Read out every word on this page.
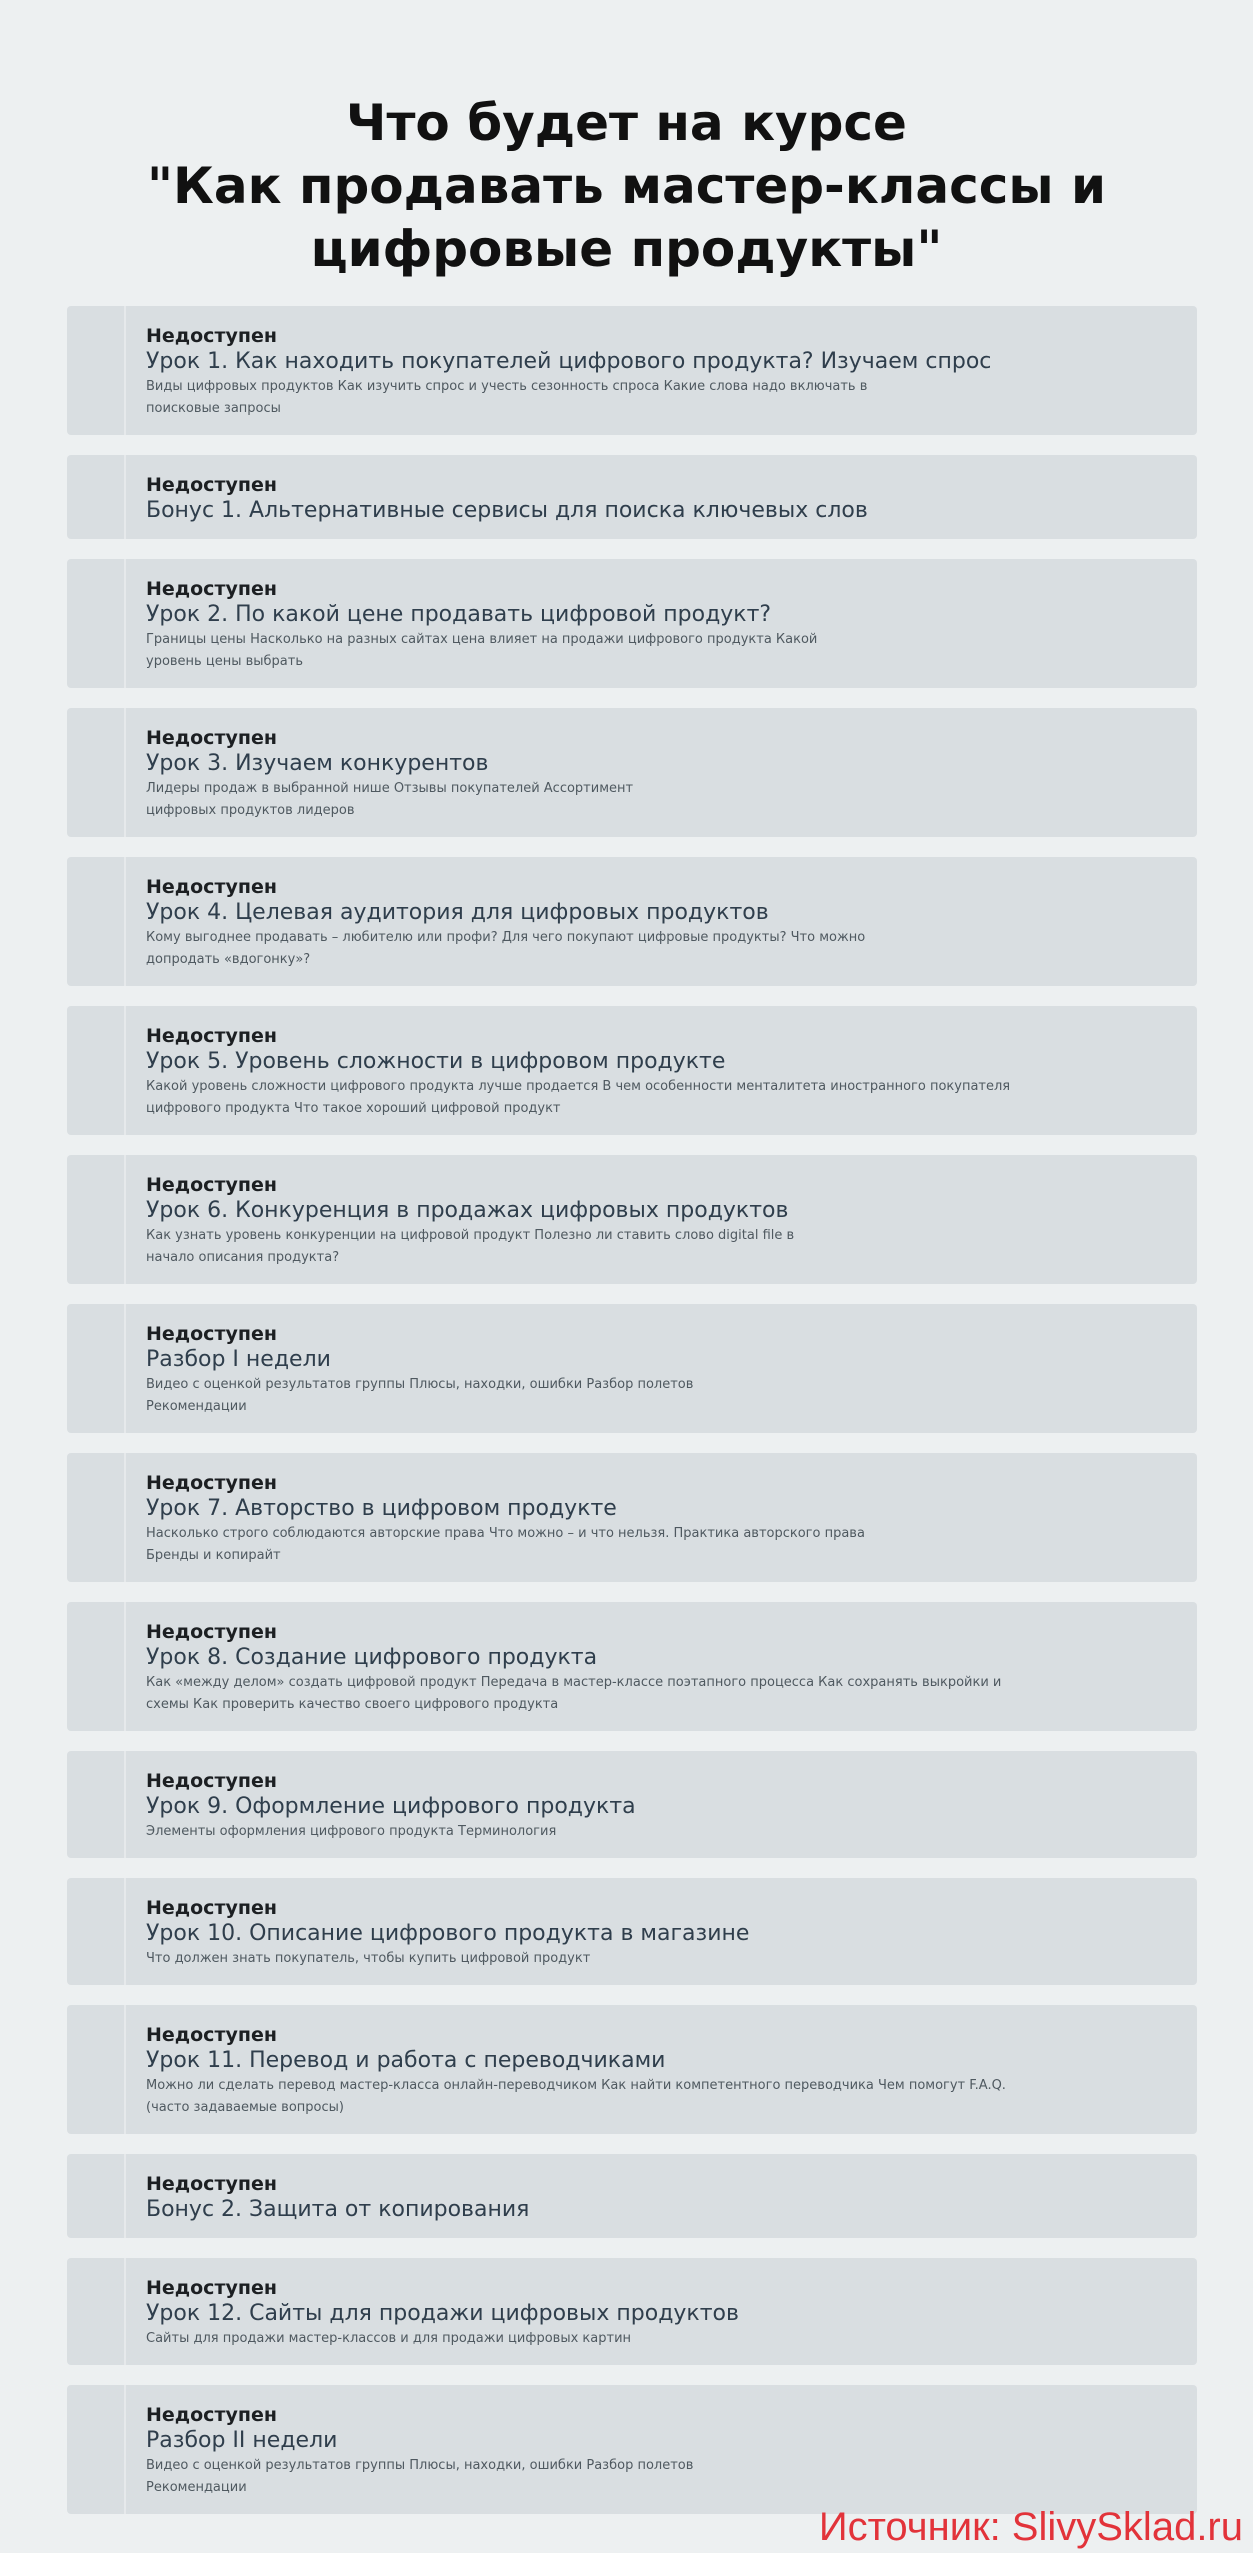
Что будет на курсе
"Как продавать мастер-классы и
цифровые продукты"
Недоступен
Урок 1. Как находить покупателей цифрового продукта? Изучаем спрос
Виды цифровых продуктов Как изучить спрос и учесть сезонность спроса Какие слова надо включать в поисковые запросы
Недоступен
Бонус 1. Альтернативные сервисы для поиска ключевых слов
Недоступен
Урок 2. По какой цене продавать цифровой продукт?
Границы цены Насколько на разных сайтах цена влияет на продажи цифрового продукта Какой уровень цены выбрать
Недоступен
Урок 3. Изучаем конкурентов
Лидеры продаж в выбранной нише Отзывы покупателей Ассортимент цифровых продуктов лидеров
Недоступен
Урок 4. Целевая аудитория для цифровых продуктов
Кому выгоднее продавать – любителю или профи? Для чего покупают цифровые продукты? Что можно допродать «вдогонку»?
Недоступен
Урок 5. Уровень сложности в цифровом продукте
Какой уровень сложности цифрового продукта лучше продается В чем особенности менталитета иностранного покупателя цифрового продукта Что такое хороший цифровой продукт
Недоступен
Урок 6. Конкуренция в продажах цифровых продуктов
Как узнать уровень конкуренции на цифровой продукт Полезно ли ставить слово digital file в начало описания продукта?
Недоступен
Разбор I недели
Видео с оценкой результатов группы Плюсы, находки, ошибки Разбор полетов Рекомендации
Недоступен
Урок 7. Авторство в цифровом продукте
Насколько строго соблюдаются авторские права Что можно – и что нельзя. Практика авторского права Бренды и копирайт
Недоступен
Урок 8. Создание цифрового продукта
Как «между делом» создать цифровой продукт Передача в мастер-классе поэтапного процесса Как сохранять выкройки и схемы Как проверить качество своего цифрового продукта
Недоступен
Урок 9. Оформление цифрового продукта
Элементы оформления цифрового продукта Терминология
Недоступен
Урок 10. Описание цифрового продукта в магазине
Что должен знать покупатель, чтобы купить цифровой продукт
Недоступен
Урок 11. Перевод и работа с переводчиками
Можно ли сделать перевод мастер-класса онлайн-переводчиком Как найти компетентного переводчика Чем помогут F.A.Q. (часто задаваемые вопросы)
Недоступен
Бонус 2. Защита от копирования
Недоступен
Урок 12. Сайты для продажи цифровых продуктов
Сайты для продажи мастер-классов и для продажи цифровых картин
Недоступен
Разбор II недели
Видео с оценкой результатов группы Плюсы, находки, ошибки Разбор полетов Рекомендации
Источник: SlivySklad.ru
